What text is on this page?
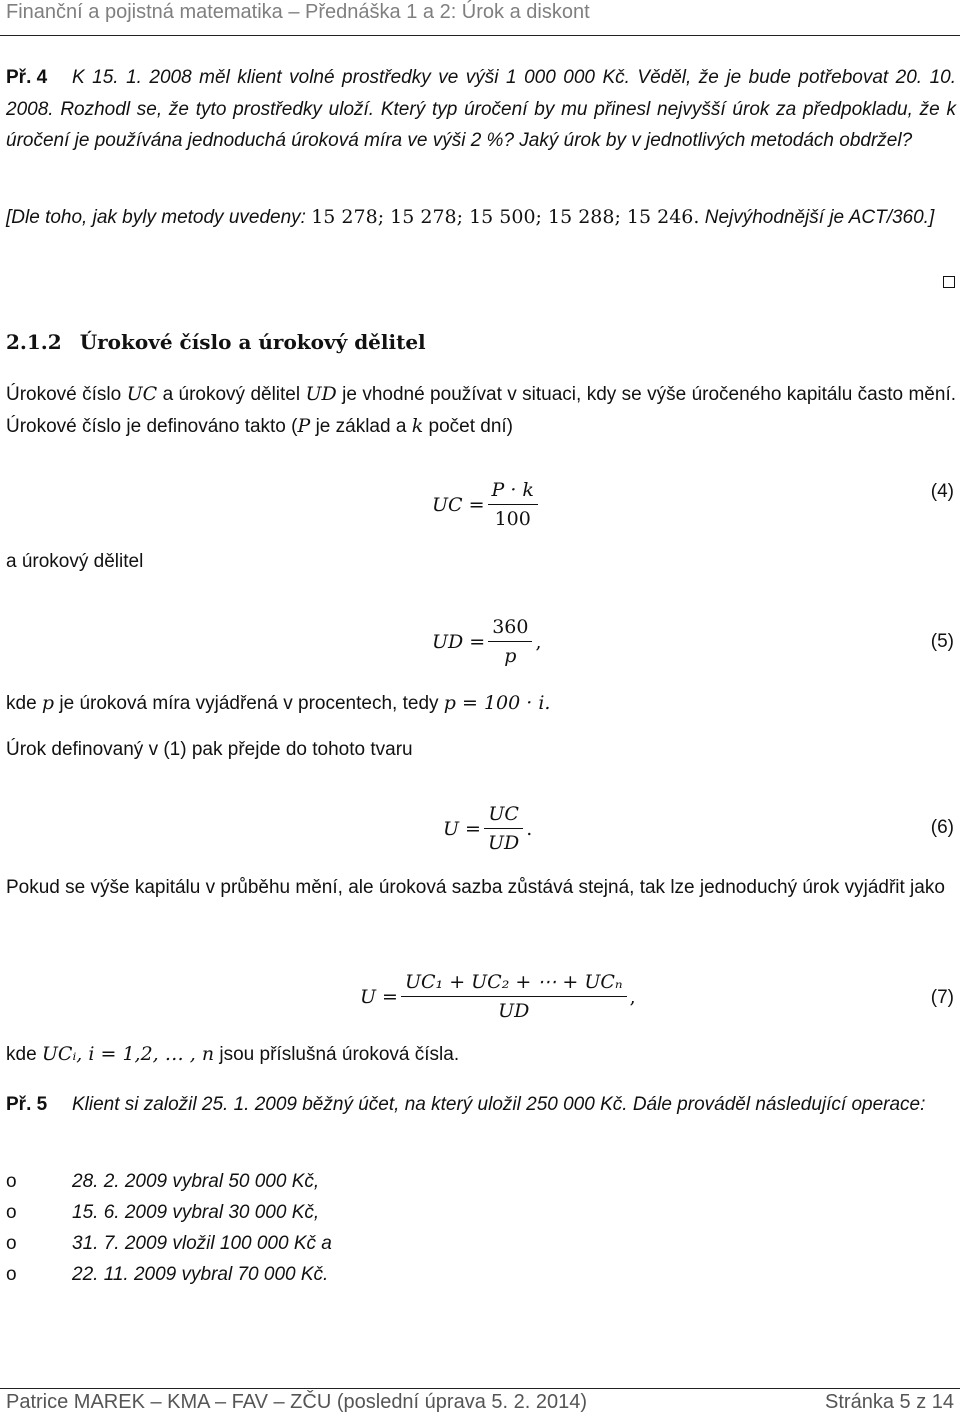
Finanční a pojistná matematika – Přednáška 1 a 2: Úrok a diskont
Př. 4 K 15. 1. 2008 měl klient volné prostředky ve výši 1 000 000 Kč. Věděl, že je bude potřebovat 20. 10. 2008. Rozhodl se, že tyto prostředky uloží. Který typ úročení by mu přinesl nejvyšší úrok za předpokladu, že k úročení je používána jednoduchá úroková míra ve výši 2 %? Jaký úrok by v jednotlivých metodách obdržel?
[Dle toho, jak byly metody uvedeny: 15 278; 15 278; 15 500; 15 288; 15 246. Nejvýhodnější je ACT/360.]
2.1.2 Úrokové číslo a úrokový dělitel
Úrokové číslo UC a úrokový dělitel UD je vhodné používat v situaci, kdy se výše úročeného kapitálu často mění. Úrokové číslo je definováno takto (P je základ a k počet dní)
UC = $\frac{P \cdot k}{100}$	(4)
a úrokový dělitel
UD = $\frac{360}{p}$ ,	(5)
kde p je úroková míra vyjádřená v procentech, tedy p = 100 · i.
Úrok definovaný v (1) pak přejde do tohoto tvaru
$U = \frac{UC}{UD}$ .	(6)
Pokud se výše kapitálu v průběhu mění, ale úroková sazba zůstává stejná, tak lze jednoduchý úrok vyjádřit jako
$U = \frac{\text{UC₁ + UC₂ + ⋯ + UCₙ}}{UD}$ ,	(7)
kde UCᵢ, i = 1,2, … , n jsou příslušná úroková čísla.
Př. 5 Klient si založil 25. 1. 2009 běžný účet, na který uložil 250 000 Kč. Dále prováděl následující operace:
o	28. 2. 2009 vybral 50 000 Kč,
o	15. 6. 2009 vybral 30 000 Kč,
o	31. 7. 2009 vložil 100 000 Kč a
o	22. 11. 2009 vybral 70 000 Kč.
Patrice MAREK – KMA – FAV – ZČU (poslední úprava 5. 2. 2014)	Stránka 5 z 14
